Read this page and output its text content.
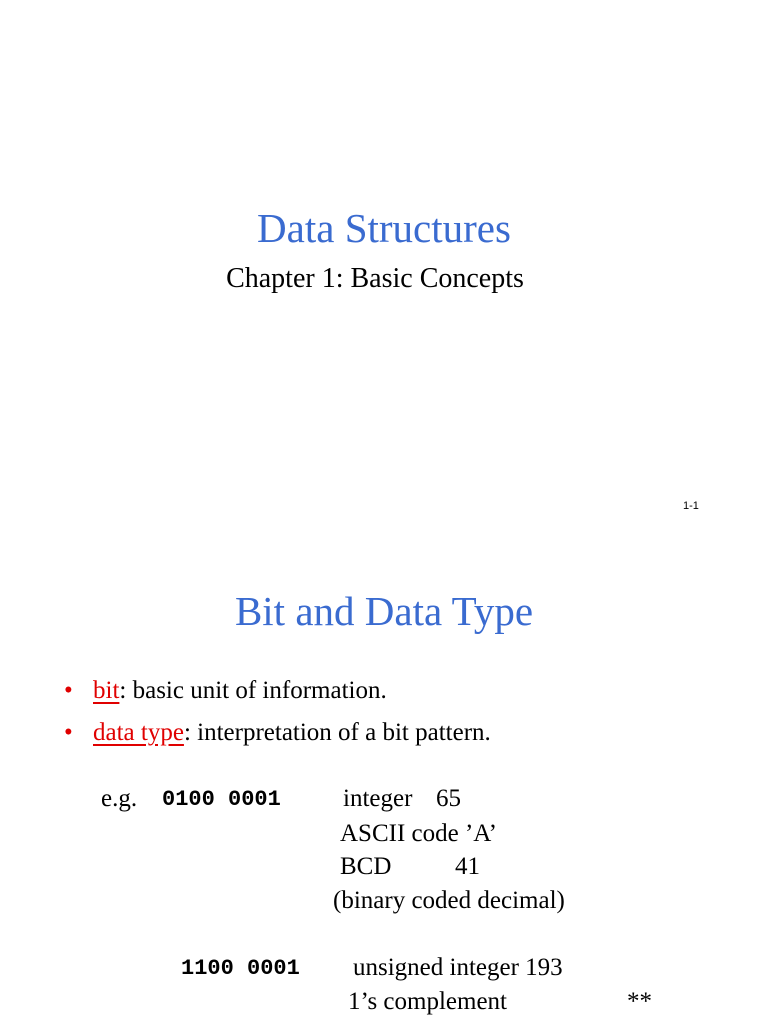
Data Structures
Chapter 1: Basic Concepts
1-1
Bit and Data Type
• bit: basic unit of information.
• data type: interpretation of a bit pattern.
e.g. 0100 0001 integer 65
ASCII code ’A’
BCD	41
(binary coded decimal)
1100 0001 unsigned integer 193
1’s complement	**
